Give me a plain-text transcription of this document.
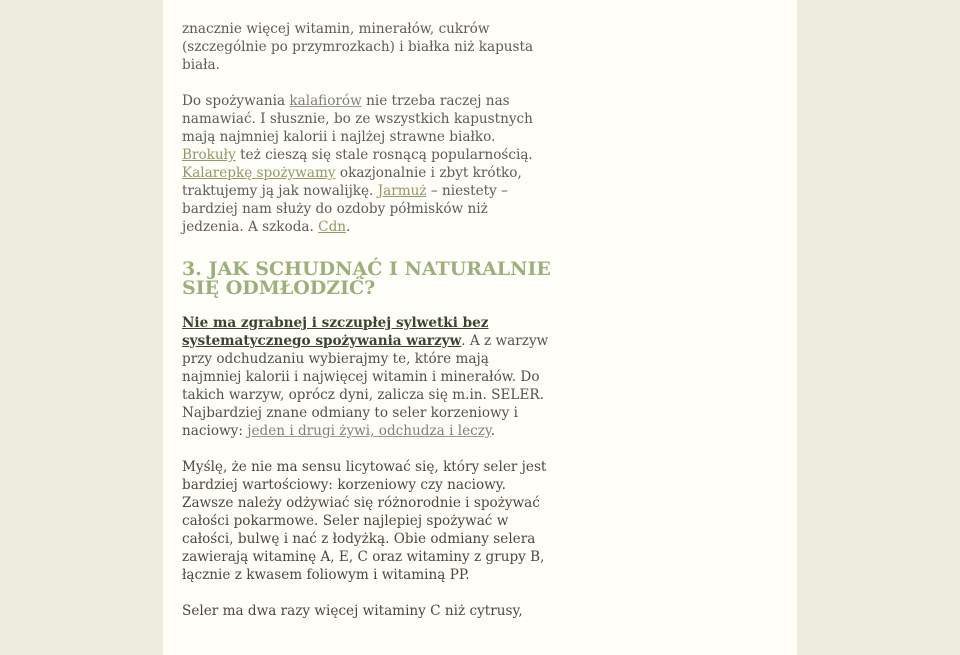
znacznie więcej witamin, minerałów, cukrów (szczególnie po przymrozkach) i białka niż kapusta biała.

Do spożywania kalafiorów nie trzeba raczej nas namawiać. I słusznie, bo ze wszystkich kapustnych mają najmniej kalorii i najlżej strawne białko. Brokuły też cieszą się stale rosnącą popularnością. Kalarepkę spożywamy okazjonalnie i zbyt krótko, traktujemy ją jak nowalijkę. Jarmuż – niestety – bardziej nam służy do ozdoby półmisków niż jedzenia. A szkoda. Cdn.

3. JAK SCHUDNĄĆ I NATURALNIE SIĘ ODMŁODZIĆ?

Nie ma zgrabnej i szczupłej sylwetki bez systematycznego spożywania warzyw. A z warzyw przy odchudzaniu wybierajmy te, które mają najmniej kalorii i najwięcej witamin i minerałów. Do takich warzyw, oprócz dyni, zalicza się m.in. SELER. Najbardziej znane odmiany to seler korzeniowy i naciowy: jeden i drugi żywi, odchudza i leczy.

Myślę, że nie ma sensu licytować się, który seler jest bardziej wartościowy: korzeniowy czy naciowy. Zawsze należy odżywiać się różnorodnie i spożywać całości pokarmowe. Seler najlepiej spożywać w całości, bulwę i nać z łodyżką. Obie odmiany selera zawierają witaminę A, E, C oraz witaminy z grupy B, łącznie z kwasem foliowym i witaminą PP.

Seler ma dwa razy więcej witaminy C niż cytrusy,
